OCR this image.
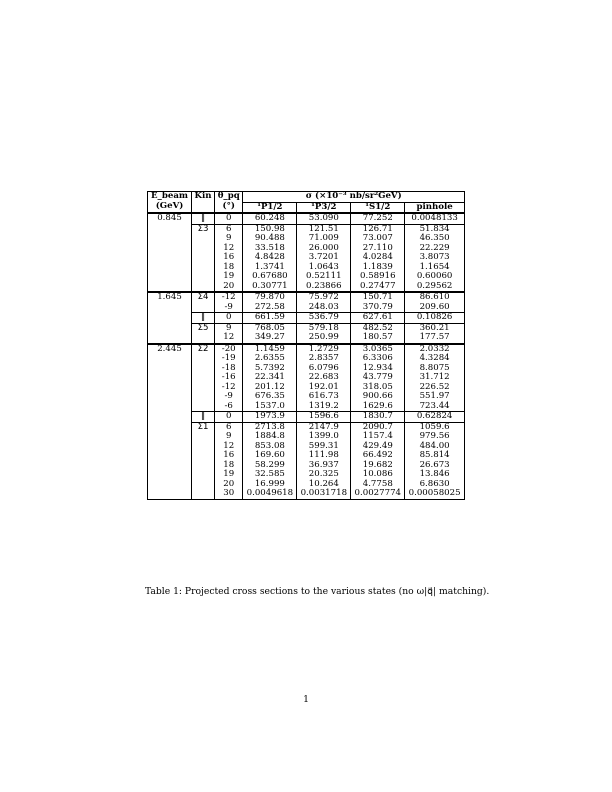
E_beam	Kin	θ_pq	σ (×10⁻³ nb/sr²GeV)			
(GeV)		(°)	¹P1/2	¹P3/2	¹S1/2	pinhole
0.845	‖	0	60.248	53.090	77.252	0.0048133
	Σ3	6	150.98	121.51	126.71	51.834
		9	90.488	71.009	73.007	46.350
		12	33.518	26.000	27.110	22.229
		16	4.8428	3.7201	4.0284	3.8073
		18	1.3741	1.0643	1.1839	1.1654
		19	0.67680	0.52111	0.58916	0.60060
		20	0.30771	0.23866	0.27477	0.29562
1.645	Σ4	-12	79.870	75.972	150.71	86.610
		-9	272.58	248.03	370.79	209.60
	‖	0	661.59	536.79	627.61	0.10826
	Σ5	9	768.05	579.18	482.52	360.21
		12	349.27	250.99	180.57	177.57
2.445	Σ2	-20	1.1459	1.2729	3.0365	2.0332
		-19	2.6355	2.8357	6.3306	4.3284
		-18	5.7392	6.0796	12.934	8.8075
		-16	22.341	22.683	43.779	31.712
		-12	201.12	192.01	318.05	226.52
		-9	676.35	616.73	900.66	551.97
		-6	1537.0	1319.2	1629.6	723.44
	‖	0	1973.9	1596.6	1830.7	0.62824
	Σ1	6	2713.8	2147.9	2090.7	1059.6
		9	1884.8	1399.0	1157.4	979.56
		12	853.08	599.31	429.49	484.00
		16	169.60	111.98	66.492	85.814
		18	58.299	36.937	19.682	26.673
		19	32.585	20.325	10.086	13.846
		20	16.999	10.264	4.7758	6.8630
		30	0.0049618	0.0031718	0.0027774	0.00058025
Table 1: Projected cross sections to the various states (no ω|q⃗| matching).
1
